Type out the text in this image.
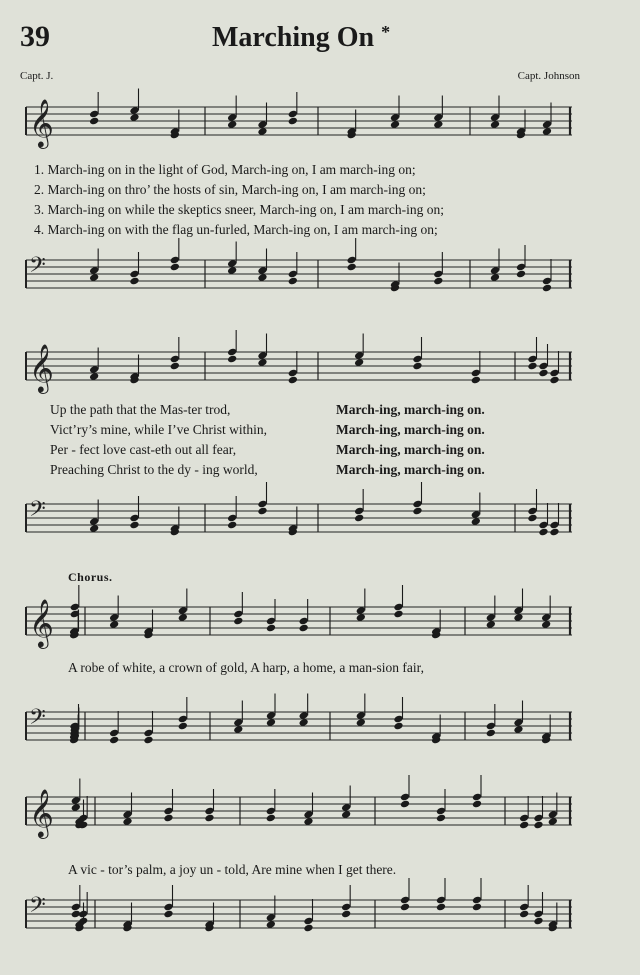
39	Marching On *
Capt. J.	Capt. Johnson
𝄞
𝄢
1. March-ing on in the light of God, March-ing on, I am march-ing on;
2. March-ing on thro’ the hosts of sin, March-ing on, I am march-ing on;
3. March-ing on while the skeptics sneer, March-ing on, I am march-ing on;
4. March-ing on with the flag un-furled, March-ing on, I am march-ing on;
𝄞
𝄢
Up the path that the Mas-ter trod,
Vict’ry’s mine, while I’ve Christ within,
Per - fect love cast-eth out all fear,
Preaching Christ to the dy - ing world,
March-ing, march-ing on.
March-ing, march-ing on.
March-ing, march-ing on.
March-ing, march-ing on.
Chorus.
𝄞
A robe of white, a crown of gold, A harp, a home, a man-sion fair,
𝄢
𝄞
A vic - tor’s palm, a joy un - told, Are mine when I get there.
𝄢
